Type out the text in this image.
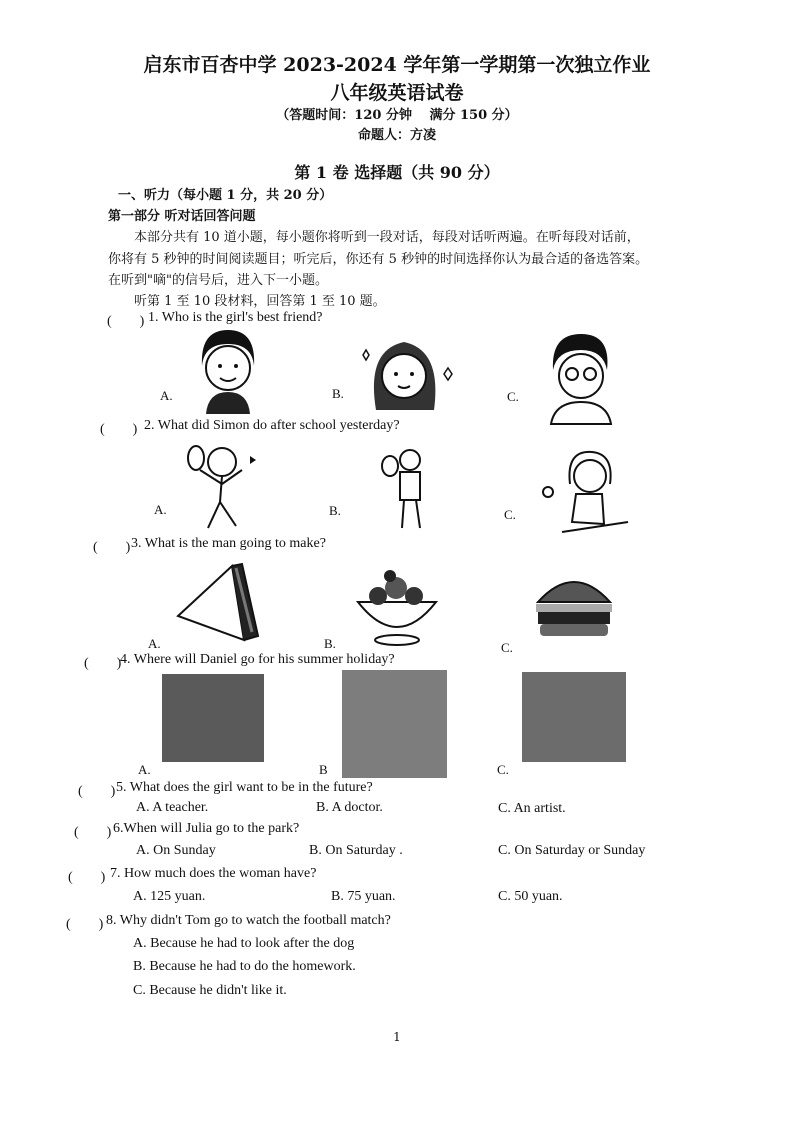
启东市百杏中学 2023-2024 学年第一学期第一次独立作业
八年级英语试卷
（答题时间：120 分钟　 满分 150 分）
命题人：方凌
第 1 卷 选择题（共 90 分）
一、听力（每小题 1 分，共 20 分）
第一部分 听对话回答问题
本部分共有 10 道小题，每小题你将听到一段对话，每段对话听两遍。在听每段对话前，
你将有 5 秒钟的时间阅读题目；听完后，你还有 5 秒钟的时间选择你认为最合适的备选答案。
在听到"嘀"的信号后，进入下一小题。
听第 1 至 10 段材料，回答第 1 至 10 题。
(　　) 1. Who is the girl's best friend?
A.	B.	C.
(　　) 2. What did Simon do after school yesterday?
A.	B.	C.
(　　) 3. What is the man going to make?
A.	B.	C.
(　　)
4. Where will Daniel go for his summer holiday?
A.	B	C.
(　　) 5. What does the girl want to be in the future?
A. A teacher.	B. A doctor.	C. An artist.
(　　) 6.When will Julia go to the park?
A. On Sunday	B. On Saturday .	C. On Saturday or Sunday
(　　) 7. How much does the woman have?
A. 125 yuan.	B. 75 yuan.	C. 50 yuan.
(　　) 8. Why didn't Tom go to watch the football match?
A. Because he had to look after the dog
B. Because he had to do the homework.
C. Because he didn't like it.
1
